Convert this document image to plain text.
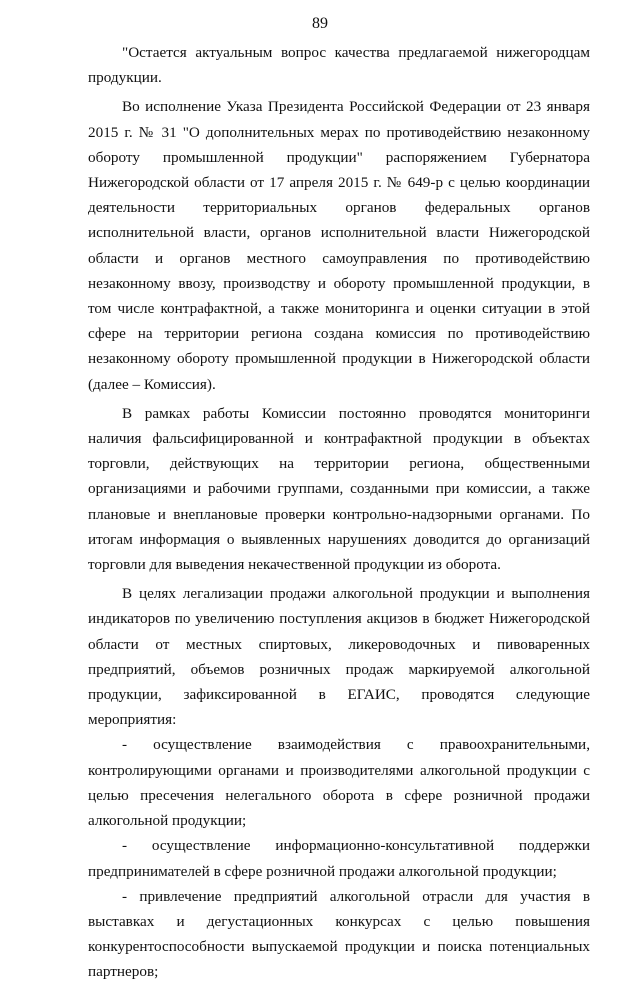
89

"Остается актуальным вопрос качества предлагаемой нижегородцам продукции.

Во исполнение Указа Президента Российской Федерации от 23 января 2015 г. № 31 "О дополнительных мерах по противодействию незаконному обороту промышленной продукции" распоряжением Губернатора Нижегородской области от 17 апреля 2015 г. № 649-р с целью координации деятельности территориальных органов федеральных органов исполнительной власти, органов исполнительной власти Нижегородской области и органов местного самоуправления по противодействию незаконному ввозу, производству и обороту промышленной продукции, в том числе контрафактной, а также мониторинга и оценки ситуации в этой сфере на территории региона создана комиссия по противодействию незаконному обороту промышленной продукции в Нижегородской области (далее – Комиссия).

В рамках работы Комиссии постоянно проводятся мониторинги наличия фальсифицированной и контрафактной продукции в объектах торговли, действующих на территории региона, общественными организациями и рабочими группами, созданными при комиссии, а также плановые и внеплановые проверки контрольно-надзорными органами. По итогам информация о выявленных нарушениях доводится до организаций торговли для выведения некачественной продукции из оборота.

В целях легализации продажи алкогольной продукции и выполнения индикаторов по увеличению поступления акцизов в бюджет Нижегородской области от местных спиртовых, ликероводочных и пивоваренных предприятий, объемов розничных продаж маркируемой алкогольной продукции, зафиксированной в ЕГАИС, проводятся следующие мероприятия:

- осуществление взаимодействия с правоохранительными, контролирующими органами и производителями алкогольной продукции с целью пресечения нелегального оборота в сфере розничной продажи алкогольной продукции;

- осуществление информационно-консультативной поддержки предпринимателей в сфере розничной продажи алкогольной продукции;

- привлечение предприятий алкогольной отрасли для участия в выставках и дегустационных конкурсах с целью повышения конкурентоспособности выпускаемой продукции и поиска потенциальных партнеров;
